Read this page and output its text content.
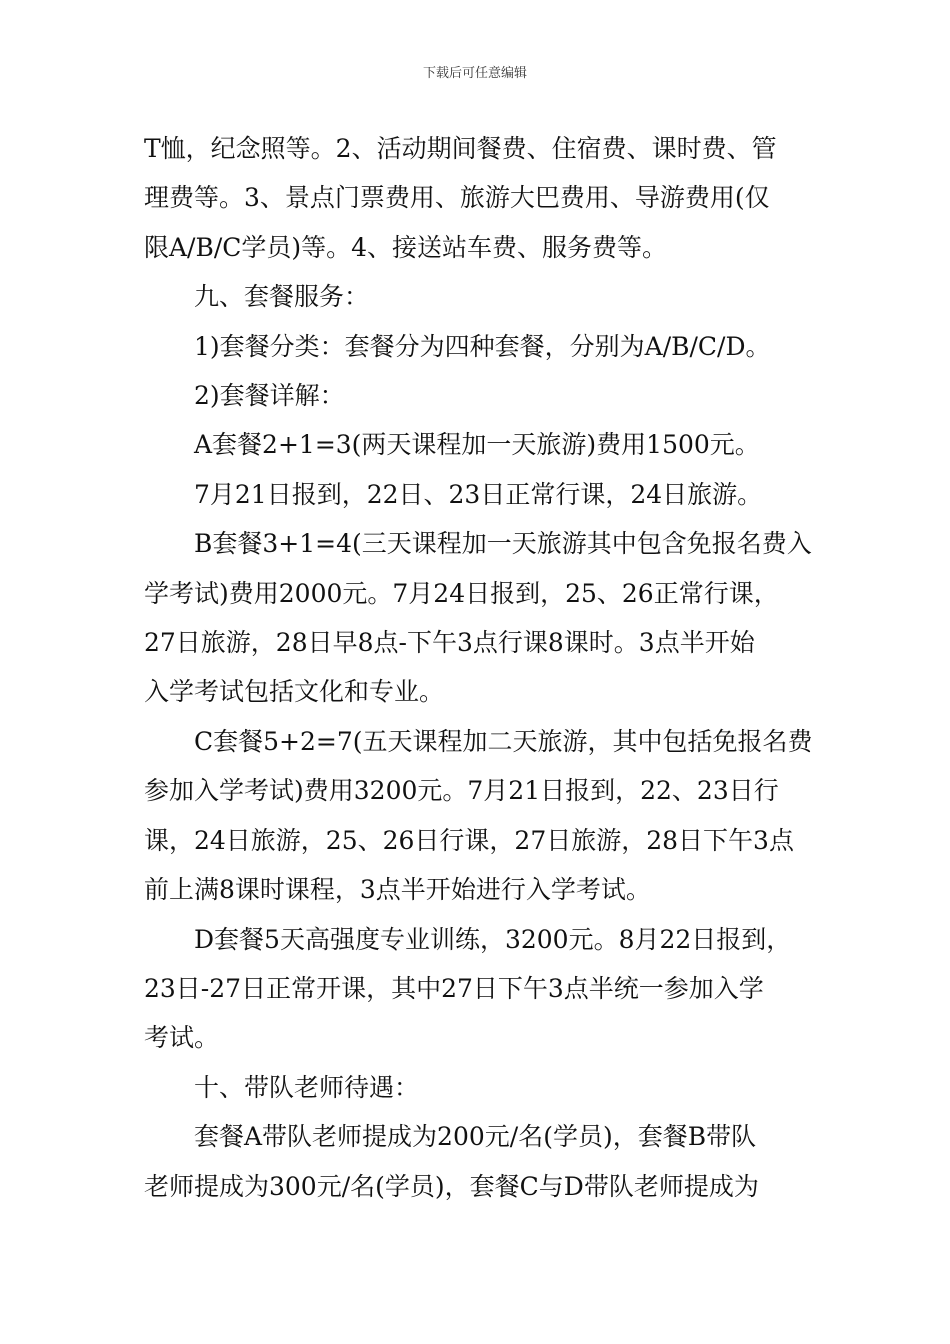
下载后可任意编辑

T恤，纪念照等。2、活动期间餐费、住宿费、课时费、管

理费等。3、景点门票费用、旅游大巴费用、导游费用(仅

限A/B/C学员)等。4、接送站车费、服务费等。

九、套餐服务：

1)套餐分类：套餐分为四种套餐，分别为A/B/C/D。

2)套餐详解：

A套餐2+1=3(两天课程加一天旅游)费用1500元。

7月21日报到，22日、23日正常行课，24日旅游。

B套餐3+1=4(三天课程加一天旅游其中包含免报名费入

学考试)费用2000元。7月24日报到，25、26正常行课，

27日旅游，28日早8点-下午3点行课8课时。3点半开始

入学考试包括文化和专业。

C套餐5+2=7(五天课程加二天旅游，其中包括免报名费

参加入学考试)费用3200元。7月21日报到，22、23日行

课，24日旅游，25、26日行课，27日旅游，28日下午3点

前上满8课时课程，3点半开始进行入学考试。

D套餐5天高强度专业训练，3200元。8月22日报到，

23日-27日正常开课，其中27日下午3点半统一参加入学

考试。

十、带队老师待遇：

套餐A带队老师提成为200元/名(学员)，套餐B带队

老师提成为300元/名(学员)，套餐C与D带队老师提成为
